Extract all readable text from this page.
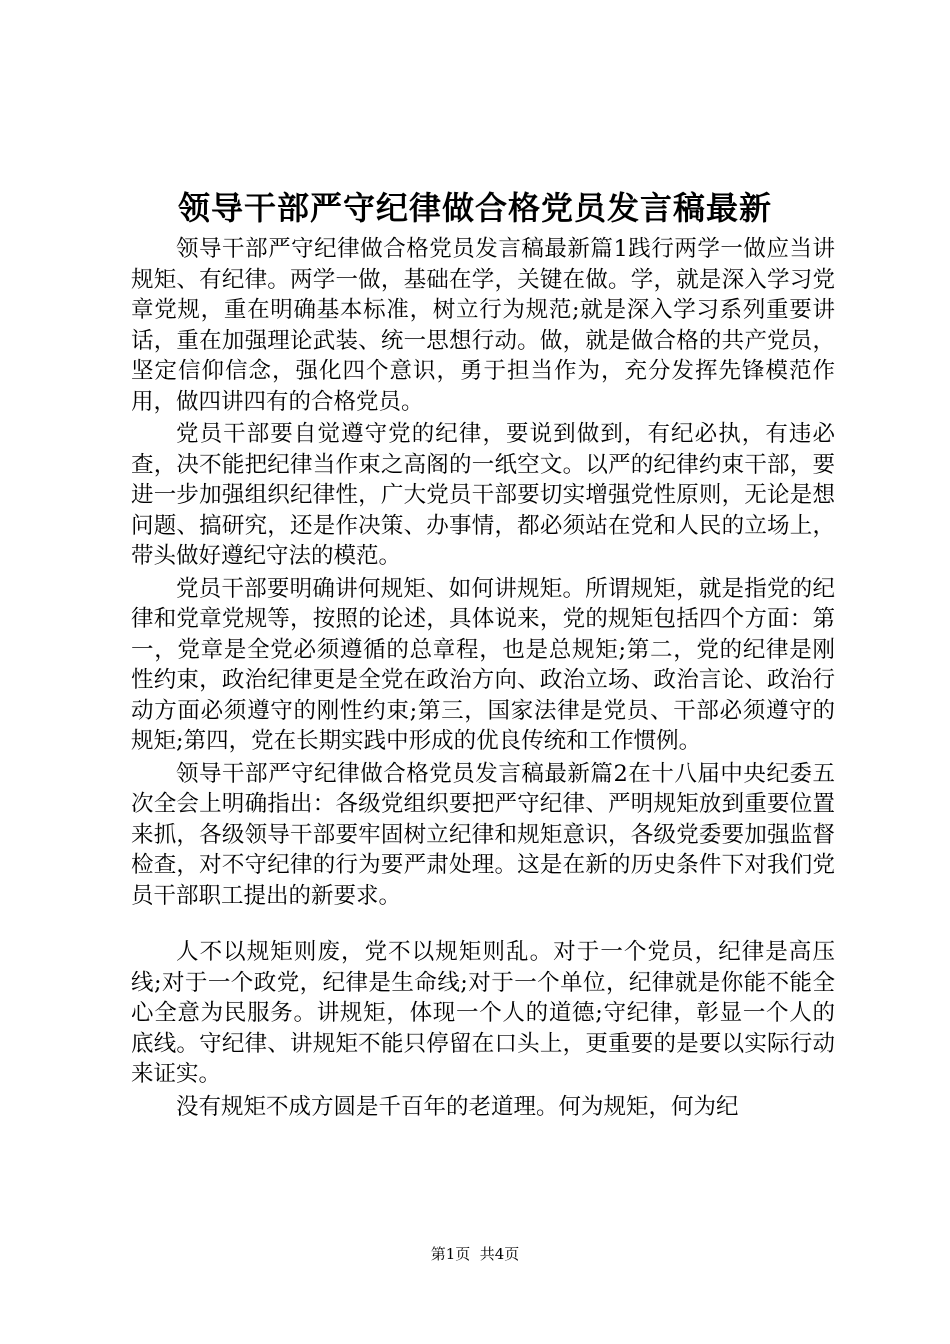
领导干部严守纪律做合格党员发言稿最新

领导干部严守纪律做合格党员发言稿最新篇1践行两学一做应当讲规矩、有纪律。两学一做，基础在学，关键在做。学，就是深入学习党章党规，重在明确基本标准，树立行为规范;就是深入学习系列重要讲话，重在加强理论武装、统一思想行动。做，就是做合格的共产党员，坚定信仰信念，强化四个意识，勇于担当作为，充分发挥先锋模范作用，做四讲四有的合格党员。

党员干部要自觉遵守党的纪律，要说到做到，有纪必执，有违必查，决不能把纪律当作束之高阁的一纸空文。以严的纪律约束干部，要进一步加强组织纪律性，广大党员干部要切实增强党性原则，无论是想问题、搞研究，还是作决策、办事情，都必须站在党和人民的立场上，带头做好遵纪守法的模范。

党员干部要明确讲何规矩、如何讲规矩。所谓规矩，就是指党的纪律和党章党规等，按照的论述，具体说来，党的规矩包括四个方面：第一，党章是全党必须遵循的总章程，也是总规矩;第二，党的纪律是刚性约束，政治纪律更是全党在政治方向、政治立场、政治言论、政治行动方面必须遵守的刚性约束;第三，国家法律是党员、干部必须遵守的规矩;第四，党在长期实践中形成的优良传统和工作惯例。

领导干部严守纪律做合格党员发言稿最新篇2在十八届中央纪委五次全会上明确指出：各级党组织要把严守纪律、严明规矩放到重要位置来抓，各级领导干部要牢固树立纪律和规矩意识，各级党委要加强监督检查，对不守纪律的行为要严肃处理。这是在新的历史条件下对我们党员干部职工提出的新要求。

人不以规矩则废，党不以规矩则乱。对于一个党员，纪律是高压线;对于一个政党，纪律是生命线;对于一个单位，纪律就是你能不能全心全意为民服务。讲规矩，体现一个人的道德;守纪律，彰显一个人的底线。守纪律、讲规矩不能只停留在口头上，更重要的是要以实际行动来证实。

没有规矩不成方圆是千百年的老道理。何为规矩，何为纪

第1页  共4页
